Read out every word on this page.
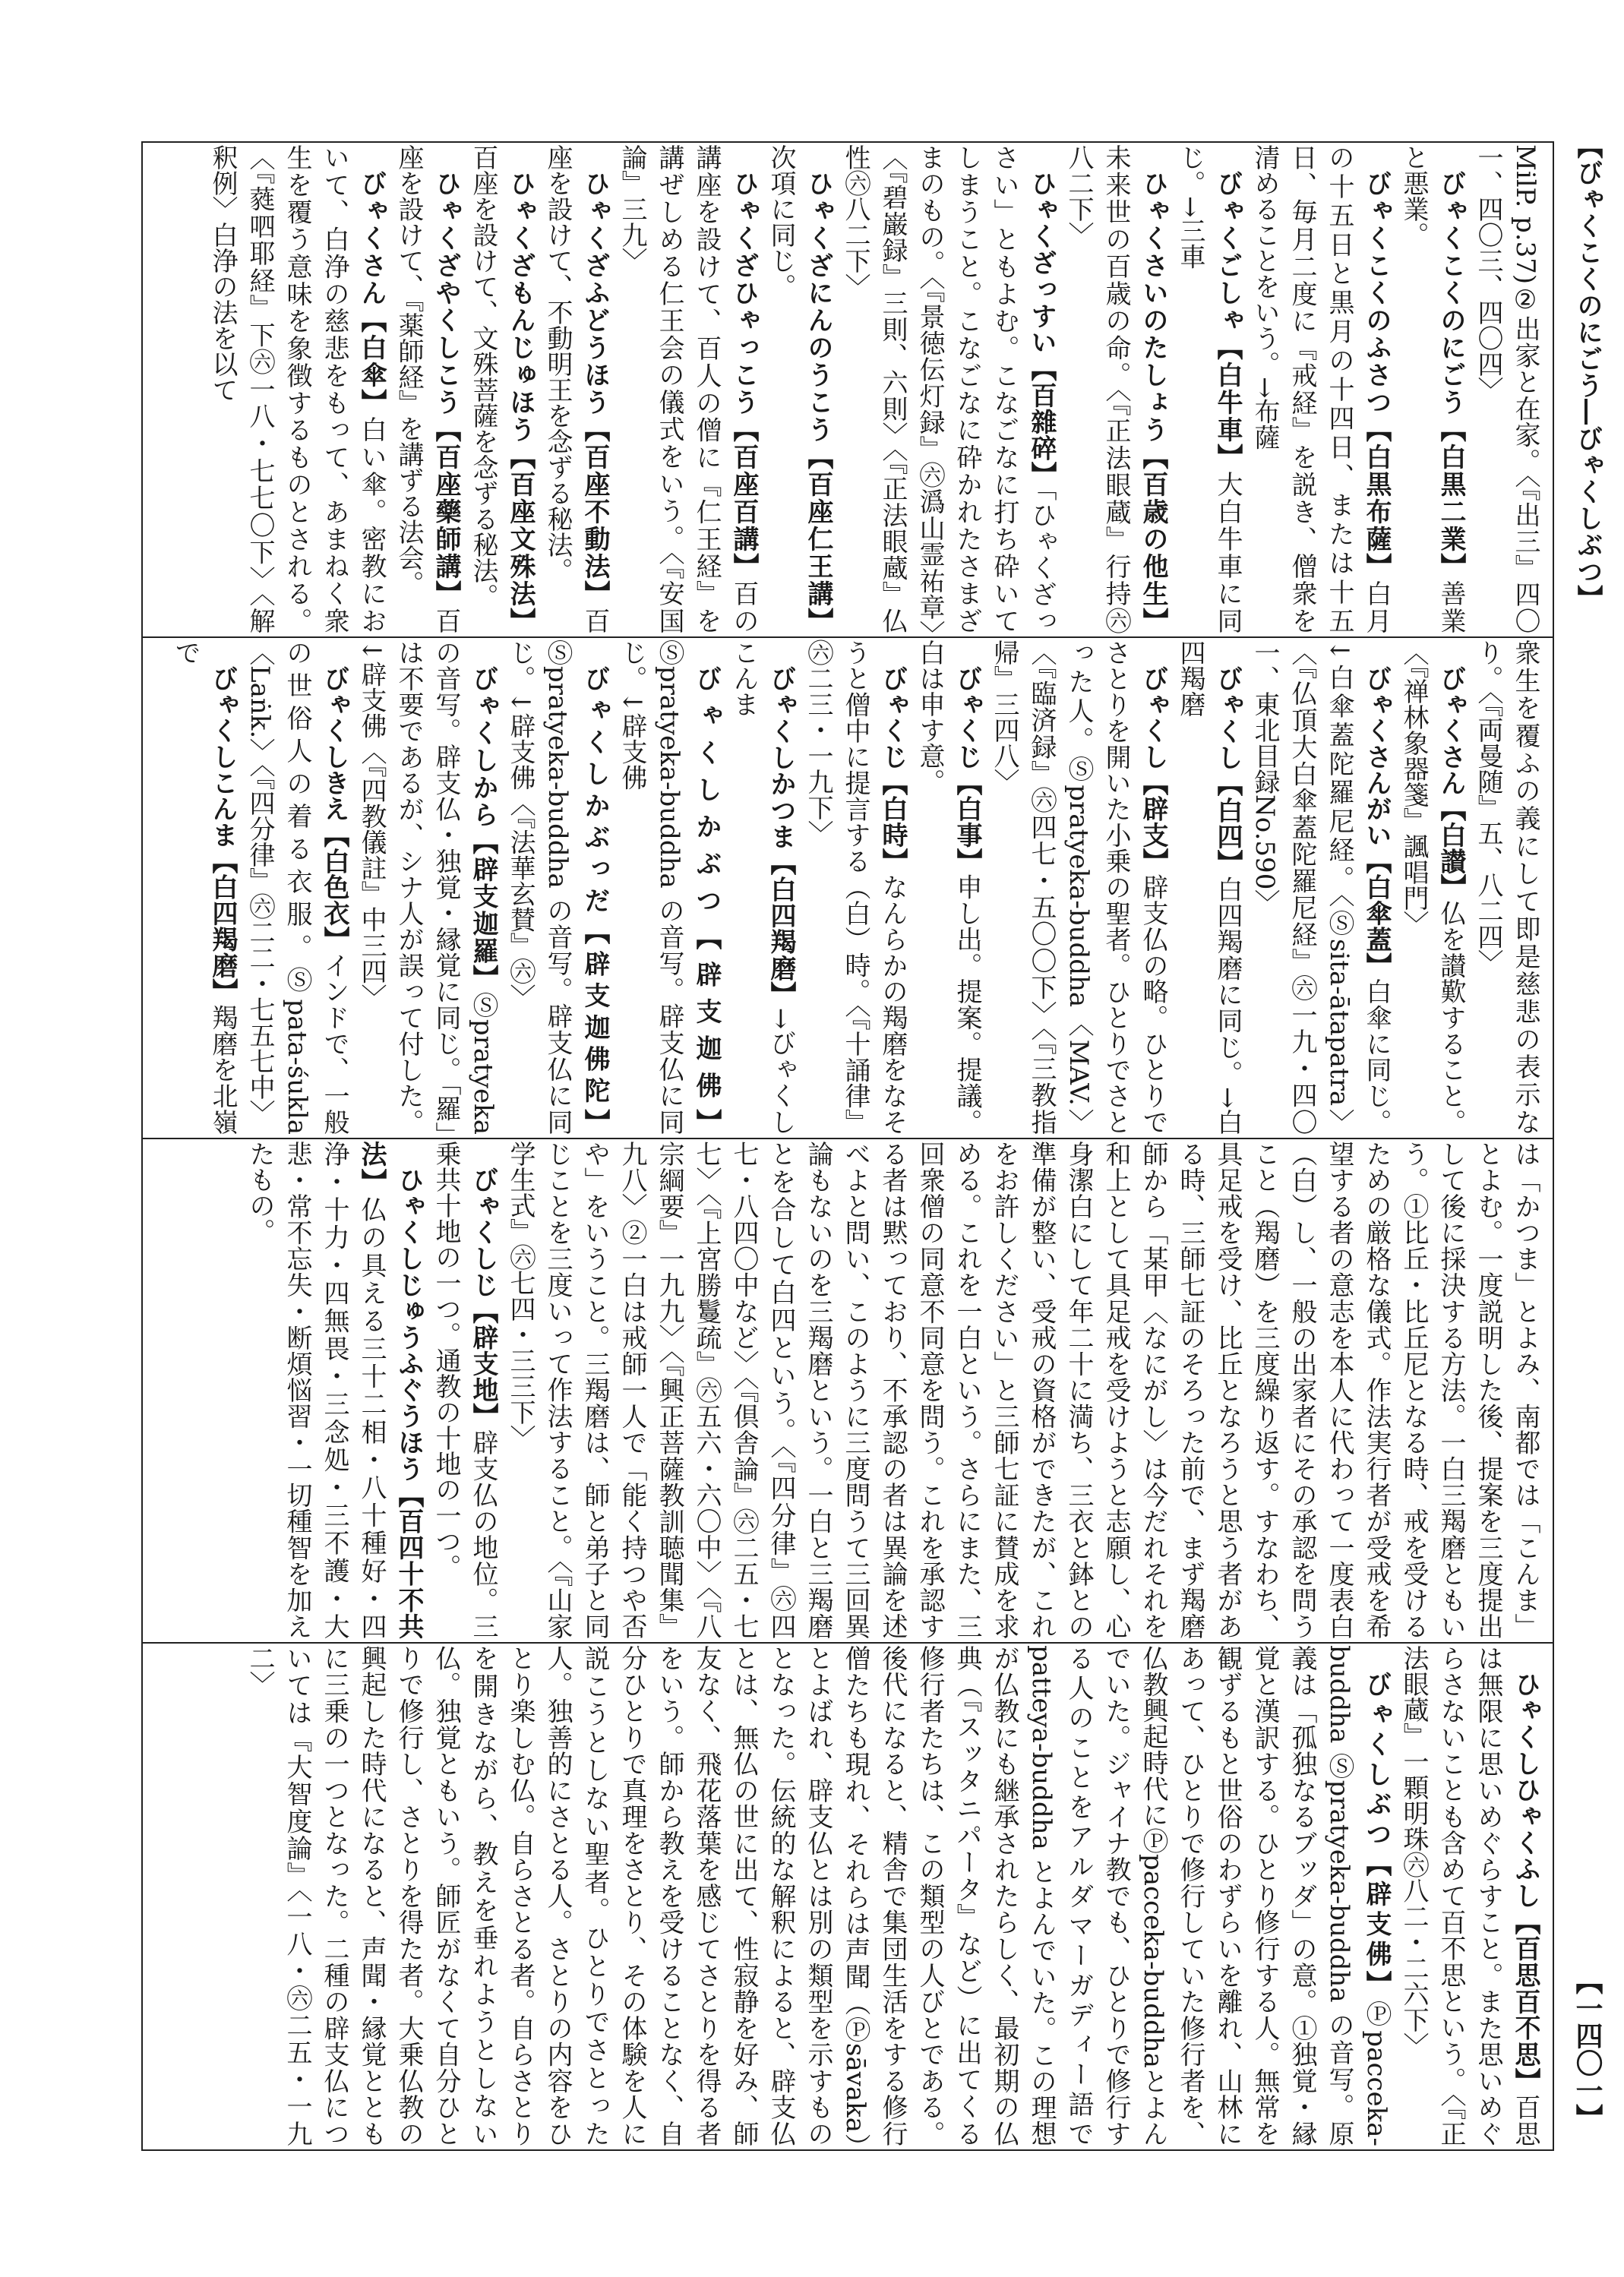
【びゃくこくのにごう―びゃくしぶつ】
【一四〇一】

MilP. p.37)②出家と在家。〈『出三』四〇一、四〇三、四〇四〉

びゃくこくのにごう【白黒二業】善業と悪業。

びゃくこくのふさつ【白黒布薩】白月の十五日と黒月の十四日、または十五日、毎月二度に『戒経』を説き、僧衆を清めることをいう。→布薩

びゃくごしゃ【白牛車】大白牛車に同じ。→三車

ひゃくさいのたしょう【百歳の他生】未来世の百歳の命。〈『正法眼蔵』行持㊅八二下〉

ひゃくざっすい【百雜碎】「ひゃくざっさい」ともよむ。こなごなに打ち砕いてしまうこと。こなごなに砕かれたさまざまのもの。〈『景徳伝灯録』㊅潙山霊祐章〉〈『碧巌録』三則、六則〉〈『正法眼蔵』仏性㊅八二下〉

ひゃくざにんのうこう【百座仁王講】次項に同じ。

ひゃくざひゃっこう【百座百講】百の講座を設けて、百人の僧に『仁王経』を講ぜしめる仁王会の儀式をいう。〈『安国論』三九〉

ひゃくざふどうほう【百座不動法】百座を設けて、不動明王を念ずる秘法。

ひゃくざもんじゅほう【百座文殊法】百座を設けて、文殊菩薩を念ずる秘法。

ひゃくざやくしこう【百座藥師講】百座を設けて、『薬師経』を講ずる法会。

びゃくさん【白傘】白い傘。密教において、白浄の慈悲をもって、あまねく衆生を覆う意味を象徴するものとされる。〈『蕤呬耶経』下㊅一八・七七〇下〉〈解釈例〉白浄の法を以て

衆生を覆ふの義にして即是慈悲の表示なり。〈『両曼随』五、八二四〉

びゃくさん【白讃】仏を讃歎すること。〈『禅林象器箋』諷唱門〉

びゃくさんがい【白傘蓋】白傘に同じ。↓白傘蓋陀羅尼経。〈Ⓢsita-ātapatra〉〈『仏頂大白傘蓋陀羅尼経』㊅一九・四〇一、東北目録No.590〉

びゃくし【白四】白四羯磨に同じ。→白四羯磨

びゃくし【辟支】辟支仏の略。ひとりでさとりを開いた小乗の聖者。ひとりでさとった人。Ⓢpratyeka-buddha〈MAV.〉〈『臨済録』㊅四七・五〇〇下〉〈『三教指帰』三四八〉

びゃくじ【白事】申し出。提案。提議。白は申す意。

びゃくじ【白時】なんらかの羯磨をなそうと僧中に提言する（白）時。〈『十誦律』㊅二三・一九下〉

びゃくしかつま【白四羯磨】→びゃくしこんま

びゃくしかぶつ【辟支迦佛】Ⓢpratyeka-buddha の音写。辟支仏に同じ。↓辟支佛

びゃくしかぶっだ【辟支迦佛陀】Ⓢpratyeka-buddha の音写。辟支仏に同じ。↓辟支佛〈『法華玄賛』㊅〉

びゃくしから【辟支迦羅】Ⓢpratyeka の音写。辟支仏・独覚・縁覚に同じ。「羅」は不要であるが、シナ人が誤って付した。↓辟支佛〈『四教儀註』中三四〉

びゃくしきえ【白色衣】インドで、一般の世俗人の着る衣服。Ⓢpata-śukla〈Laṅk.〉〈『四分律』㊅二二・七五七中〉

びゃくしこんま【白四羯磨】羯磨を北嶺で

は「かつま」とよみ、南都では「こんま」とよむ。一度説明した後、提案を三度提出して後に採決する方法。一白三羯磨ともいう。①比丘・比丘尼となる時、戒を受けるための厳格な儀式。作法実行者が受戒を希望する者の意志を本人に代わって一度表白（白）し、一般の出家者にその承認を問うこと（羯磨）を三度繰り返す。すなわち、具足戒を受け、比丘となろうと思う者がある時、三師七証のそろった前で、まず羯磨師から「某甲〈なにがし〉は今だれそれを和上として具足戒を受けようと志願し、心身潔白にして年二十に満ち、三衣と鉢との準備が整い、受戒の資格ができたが、これをお許しください」と三師七証に賛成を求める。これを一白という。さらにまた、三回衆僧の同意不同意を問う。これを承認する者は黙っており、不承認の者は異論を述べよと問い、このように三度問うて三回異論もないのを三羯磨という。一白と三羯磨とを合して白四という。〈『四分律』㊅四七・八四〇中など〉〈『倶舎論』㊅二五・七七〉〈『上宮勝鬘疏』㊅五六・六〇中〉〈『八宗綱要』一九九〉〈『興正菩薩教訓聴聞集』九八〉②一白は戒師一人で「能く持つや否や」をいうこと。三羯磨は、師と弟子と同じことを三度いって作法すること。〈『山家学生式』㊅七四・三三下〉

びゃくしじ【辟支地】辟支仏の地位。三乗共十地の一つ。通教の十地の一つ。

ひゃくしじゅうふぐうほう【百四十不共法】仏の具える三十二相・八十種好・四浄・十力・四無畏・三念処・三不護・大悲・常不忘失・断煩悩習・一切種智を加えたもの。

ひゃくしひゃくふし【百思百不思】百思は無限に思いめぐらすこと。また思いめぐらさないことも含めて百不思という。〈『正法眼蔵』一顆明珠㊅八二・二六下〉

びゃくしぶつ【辟支佛】Ⓟpacceka-buddha Ⓢpratyeka-buddha の音写。原義は「孤独なるブッダ」の意。①独覚・縁覚と漢訳する。ひとり修行する人。無常を観ずるもと世俗のわずらいを離れ、山林にあって、ひとりで修行していた修行者を、仏教興起時代にⓅpacceka-buddhaとよんでいた。ジャイナ教でも、ひとりで修行する人のことをアルダマーガディー語で patteya-buddha とよんでいた。この理想が仏教にも継承されたらしく、最初期の仏典（『スッタニパータ』など）に出てくる修行者たちは、この類型の人びとである。後代になると、精舎で集団生活をする修行僧たちも現れ、それらは声聞（Ⓟsāvaka）とよばれ、辟支仏とは別の類型を示すものとなった。伝統的な解釈によると、辟支仏とは、無仏の世に出て、性寂静を好み、師友なく、飛花落葉を感じてさとりを得る者をいう。師から教えを受けることなく、自分ひとりで真理をさとり、その体験を人に説こうとしない聖者。ひとりでさとった人。独善的にさとる人。さとりの内容をひとり楽しむ仏。自らさとる者。自らさとりを開きながら、教えを垂れようとしない仏。独覚ともいう。師匠がなくて自分ひとりで修行し、さとりを得た者。大乗仏教の興起した時代になると、声聞・縁覚とともに三乗の一つとなった。二種の辟支仏については『大智度論』〈一八・㊅二五・一九二〉
